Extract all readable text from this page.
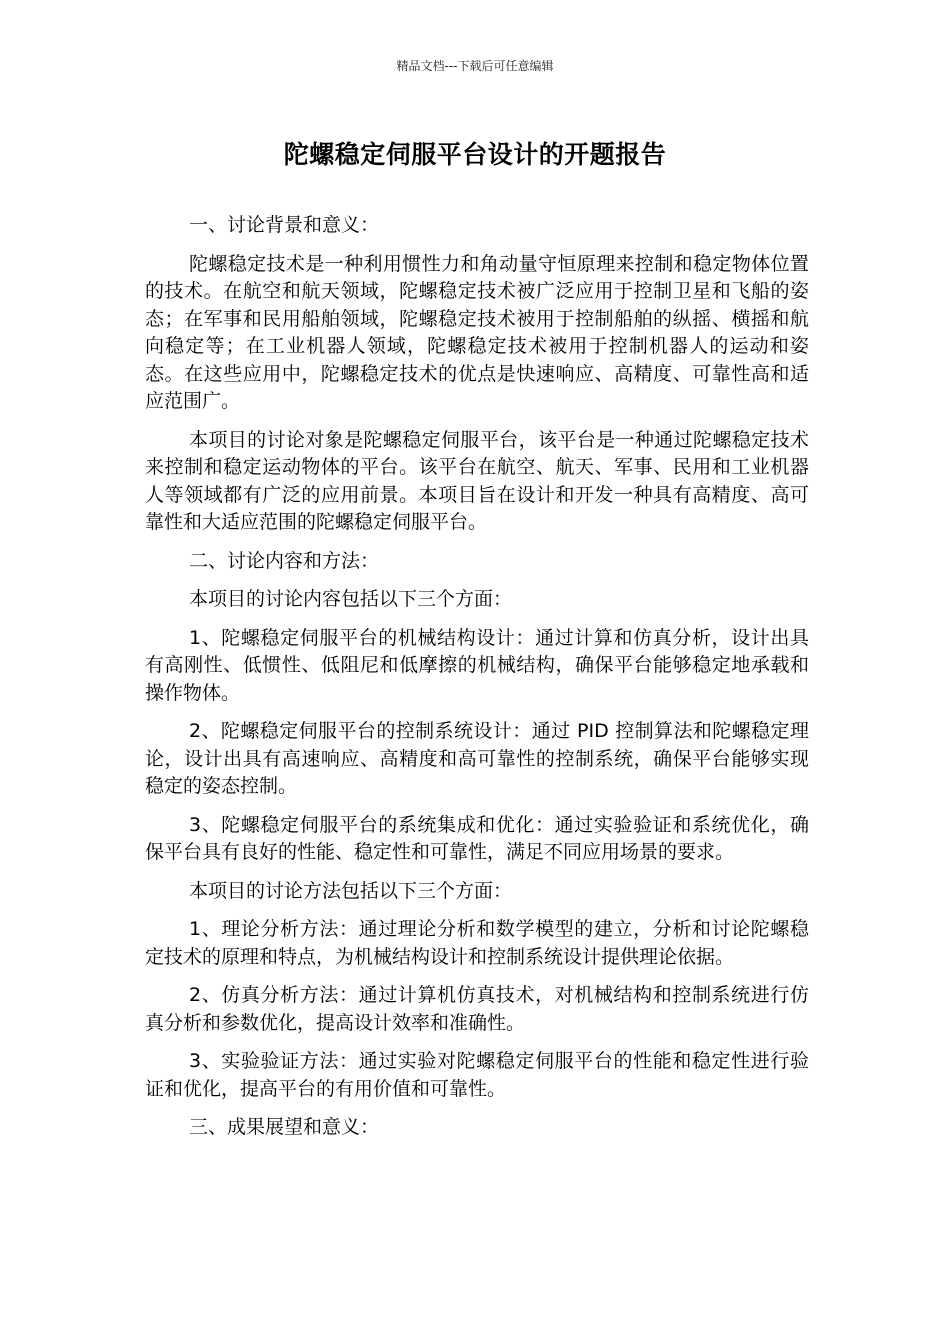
精品文档---下载后可任意编辑
陀螺稳定伺服平台设计的开题报告

一、讨论背景和意义：

陀螺稳定技术是一种利用惯性力和角动量守恒原理来控制和稳定物体位置的技术。在航空和航天领域，陀螺稳定技术被广泛应用于控制卫星和飞船的姿态；在军事和民用船舶领域，陀螺稳定技术被用于控制船舶的纵摇、横摇和航向稳定等；在工业机器人领域，陀螺稳定技术被用于控制机器人的运动和姿态。在这些应用中，陀螺稳定技术的优点是快速响应、高精度、可靠性高和适应范围广。

本项目的讨论对象是陀螺稳定伺服平台，该平台是一种通过陀螺稳定技术来控制和稳定运动物体的平台。该平台在航空、航天、军事、民用和工业机器人等领域都有广泛的应用前景。本项目旨在设计和开发一种具有高精度、高可靠性和大适应范围的陀螺稳定伺服平台。

二、讨论内容和方法：

本项目的讨论内容包括以下三个方面：

1、陀螺稳定伺服平台的机械结构设计：通过计算和仿真分析，设计出具有高刚性、低惯性、低阻尼和低摩擦的机械结构，确保平台能够稳定地承载和操作物体。

2、陀螺稳定伺服平台的控制系统设计：通过 PID 控制算法和陀螺稳定理论，设计出具有高速响应、高精度和高可靠性的控制系统，确保平台能够实现稳定的姿态控制。

3、陀螺稳定伺服平台的系统集成和优化：通过实验验证和系统优化，确保平台具有良好的性能、稳定性和可靠性，满足不同应用场景的要求。

本项目的讨论方法包括以下三个方面：

1、理论分析方法：通过理论分析和数学模型的建立，分析和讨论陀螺稳定技术的原理和特点，为机械结构设计和控制系统设计提供理论依据。

2、仿真分析方法：通过计算机仿真技术，对机械结构和控制系统进行仿真分析和参数优化，提高设计效率和准确性。

3、实验验证方法：通过实验对陀螺稳定伺服平台的性能和稳定性进行验证和优化，提高平台的有用价值和可靠性。

三、成果展望和意义：
